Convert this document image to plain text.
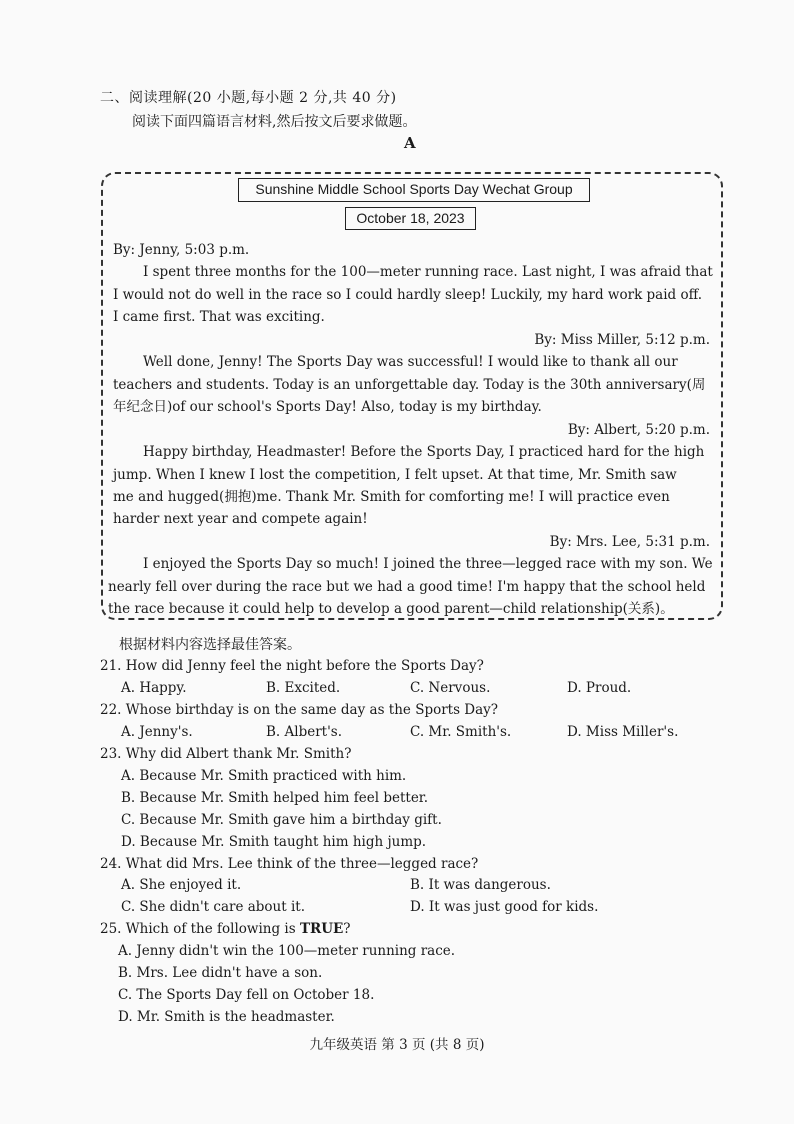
二、阅读理解(20 小题,每小题 2 分,共 40 分)
阅读下面四篇语言材料,然后按文后要求做题。
A
Sunshine Middle School Sports Day Wechat Group
October 18, 2023
By: Jenny, 5:03 p.m.
I spent three months for the 100—meter running race. Last night, I was afraid that
I would not do well in the race so I could hardly sleep! Luckily, my hard work paid off.
I came first. That was exciting.
By: Miss Miller, 5:12 p.m.
Well done, Jenny! The Sports Day was successful! I would like to thank all our
teachers and students. Today is an unforgettable day. Today is the 30th anniversary(周
年纪念日)of our school's Sports Day! Also, today is my birthday.
By: Albert, 5:20 p.m.
Happy birthday, Headmaster! Before the Sports Day, I practiced hard for the high
jump. When I knew I lost the competition, I felt upset. At that time, Mr. Smith saw
me and hugged(拥抱)me. Thank Mr. Smith for comforting me! I will practice even
harder next year and compete again!
By: Mrs. Lee, 5:31 p.m.
I enjoyed the Sports Day so much! I joined the three—legged race with my son. We
nearly fell over during the race but we had a good time! I'm happy that the school held
the race because it could help to develop a good parent—child relationship(关系)。
根据材料内容选择最佳答案。
21. How did Jenny feel the night before the Sports Day?
A. Happy.	B. Excited.	C. Nervous.	D. Proud.
22. Whose birthday is on the same day as the Sports Day?
A. Jenny's.	B. Albert's.	C. Mr. Smith's.	D. Miss Miller's.
23. Why did Albert thank Mr. Smith?
A. Because Mr. Smith practiced with him.
B. Because Mr. Smith helped him feel better.
C. Because Mr. Smith gave him a birthday gift.
D. Because Mr. Smith taught him high jump.
24. What did Mrs. Lee think of the three—legged race?
A. She enjoyed it.	B. It was dangerous.
C. She didn't care about it.	D. It was just good for kids.
25. Which of the following is TRUE?
A. Jenny didn't win the 100—meter running race.
B. Mrs. Lee didn't have a son.
C. The Sports Day fell on October 18.
D. Mr. Smith is the headmaster.
九年级英语 第 3 页 (共 8 页)
